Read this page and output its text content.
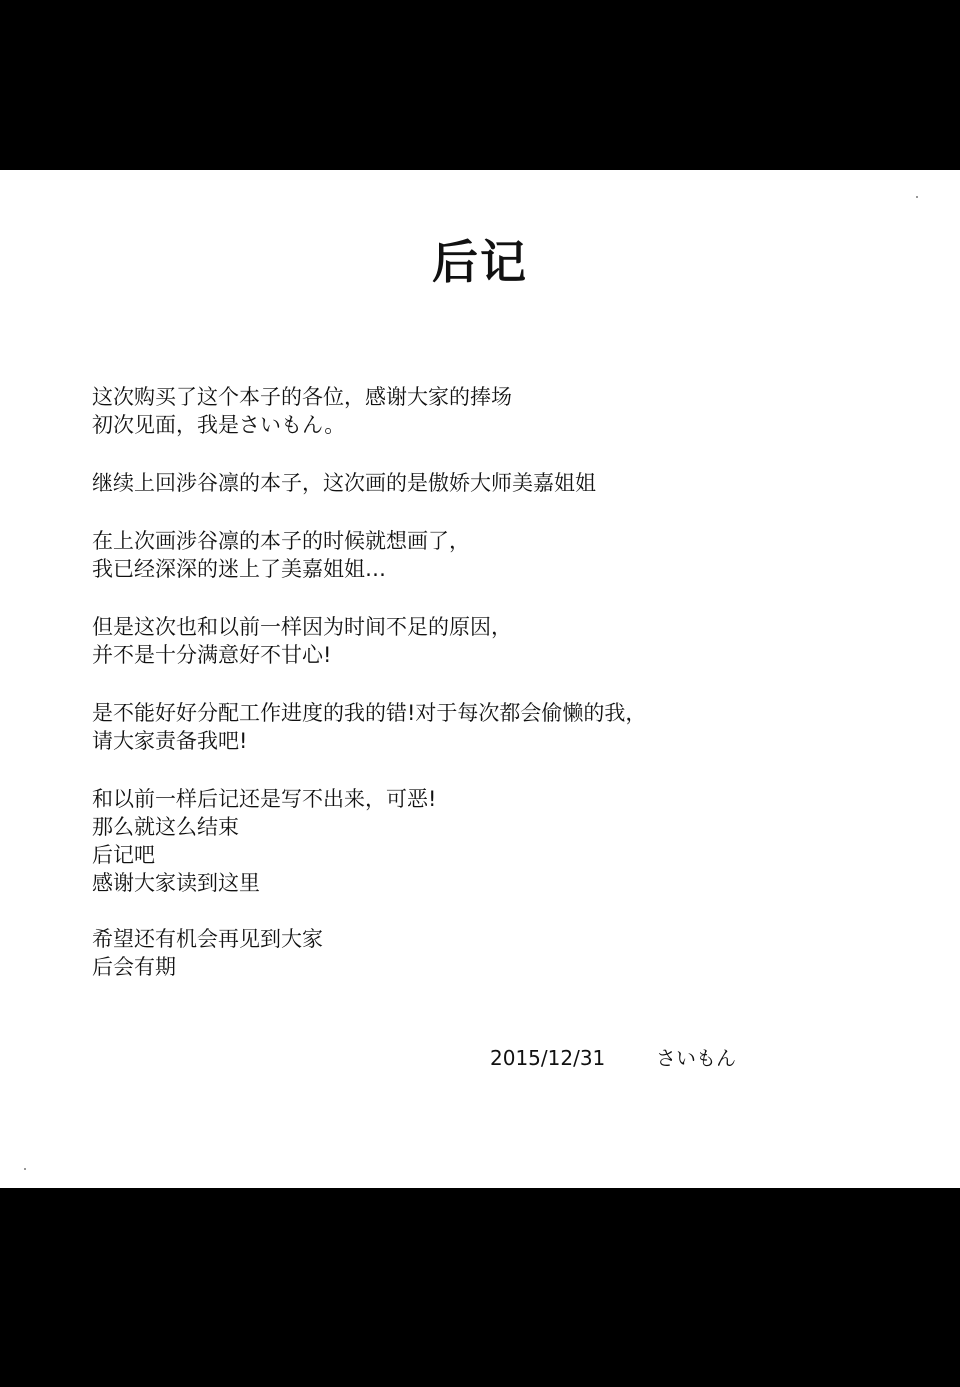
后记
这次购买了这个本子的各位，感谢大家的捧场
初次见面，我是さいもん。
继续上回涉谷凛的本子，这次画的是傲娇大师美嘉姐姐
在上次画涉谷凛的本子的时候就想画了，
我已经深深的迷上了美嘉姐姐…
但是这次也和以前一样因为时间不足的原因，
并不是十分满意好不甘心!
是不能好好分配工作进度的我的错!对于每次都会偷懒的我，
请大家责备我吧!
和以前一样后记还是写不出来，可恶!
那么就这么结束
后记吧
感谢大家读到这里
希望还有机会再见到大家
后会有期
2015/12/31	さいもん
